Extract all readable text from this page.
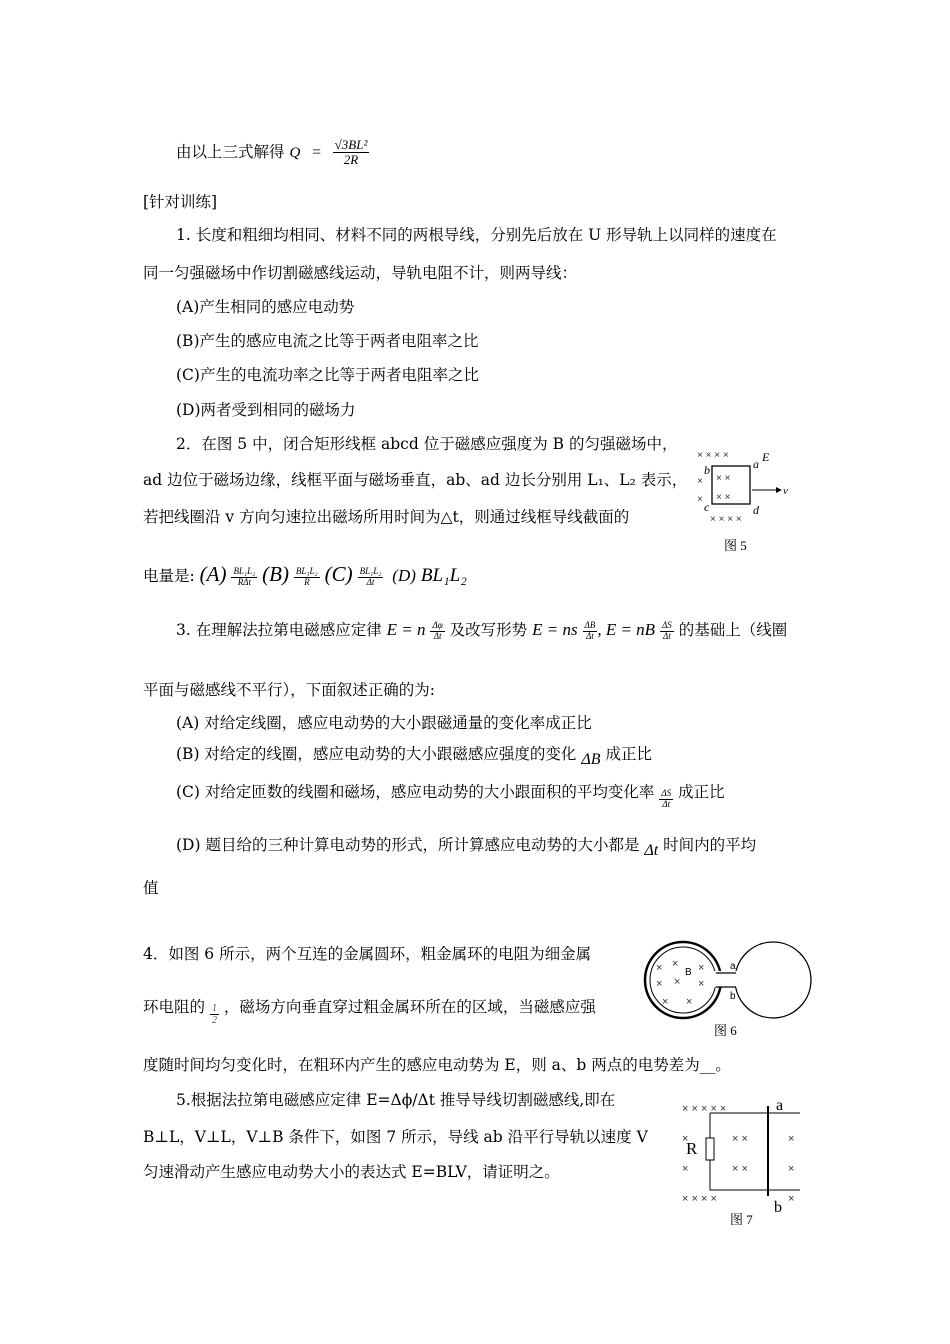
由以上三式解得 $Q = \frac{\text{√3BL²}}{2R}$
[针对训练]
1. 长度和粗细均相同、材料不同的两根导线，分别先后放在 U 形导轨上以同样的速度在
同一匀强磁场中作切割磁感线运动，导轨电阻不计，则两导线：
(A)产生相同的感应电动势
(B)产生的感应电流之比等于两者电阻率之比
(C)产生的电流功率之比等于两者电阻率之比
(D)两者受到相同的磁场力
2．在图 5 中，闭合矩形线框 abcd 位于磁感应强度为 B 的匀强磁场中，
ad 边位于磁场边缘，线框平面与磁场垂直，ab、ad 边长分别用 L₁、L₂ 表示，
若把线圈沿 v 方向匀速拉出磁场所用时间为△t，则通过线框导线截面的
电量是: $(A) \frac{\text{BL₁L₂}}{\text{RΔt}} (B) \frac{\text{BL₁L₂}}{R} (C) \frac{\text{BL₁L₂}}{\Delta t} (D)$ BL₁L₂
× × × ×
×
× × ×
× ×
× × × ×
b	a E
v
c	d
图 5
3. 在理解法拉第电磁感应定律 E = n $\frac{\Delta\varphi}{\Delta t}$ 及改写形势 E = ns $\frac{\Delta B}{\Delta t}$ , E = nB $\frac{\Delta S}{\Delta t}$ 的基础上（线圈
平面与磁感线不平行），下面叙述正确的为:
(A) 对给定线圈，感应电动势的大小跟磁通量的变化率成正比
(B) 对给定的线圈，感应电动势的大小跟磁感应强度的变化 ΔB 成正比
(C) 对给定匝数的线圈和磁场，感应电动势的大小跟面积的平均变化率 $\frac{\Delta S}{\Delta t}$ 成正比
(D) 题目给的三种计算电动势的形式，所计算感应电动势的大小都是 Δt 时间内的平均
值
4．如图 6 所示，两个互连的金属圆环，粗金属环的电阻为细金属
环电阻的 $\frac{1}{2}$ ，磁场方向垂直穿过粗金属环所在的区域，当磁感应强
度随时间均匀变化时，在粗环内产生的感应电动势为 E，则 a、b 两点的电势差为__。
× × ×
× × ×
× ×
B
a
b
图 6
5.根据法拉第电磁感应定律 E=Δϕ/Δt 推导导线切割磁感线,即在
B⊥L，V⊥L，V⊥B 条件下，如图 7 所示，导线 ab 沿平行导轨以速度 V
匀速滑动产生感应电动势大小的表达式 E=BLV，请证明之。
× × × × ×
×	× ×	×
×	× ×	×
× × × ×	×
R
a
b
图 7
